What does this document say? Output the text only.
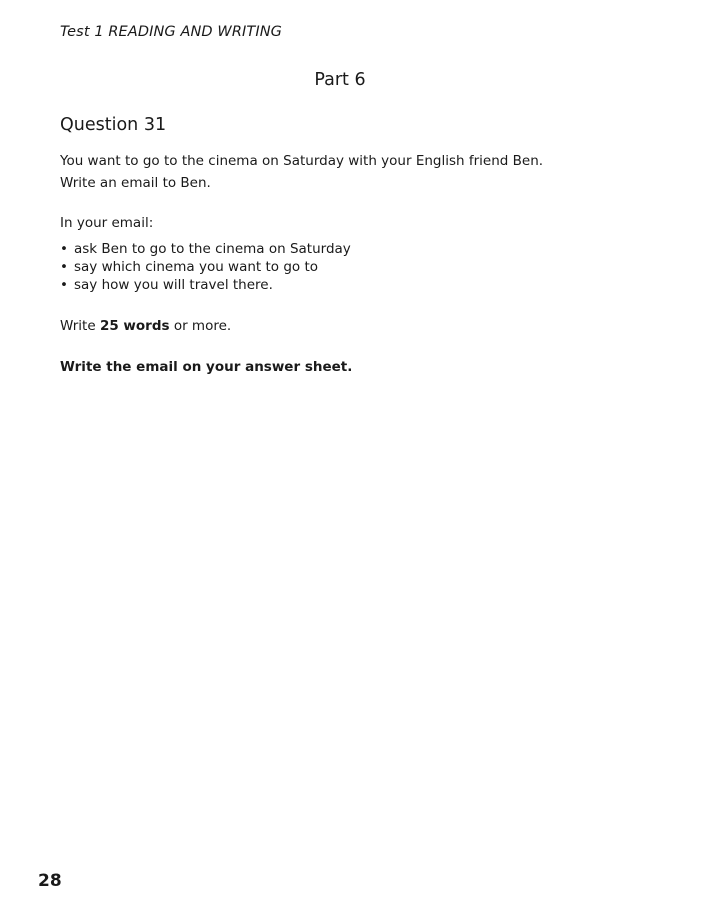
Test 1 READING AND WRITING
Part 6
Question 31
You want to go to the cinema on Saturday with your English friend Ben.
Write an email to Ben.
In your email:
• ask Ben to go to the cinema on Saturday
• say which cinema you want to go to
• say how you will travel there.
Write 25 words or more.
Write the email on your answer sheet.
28
